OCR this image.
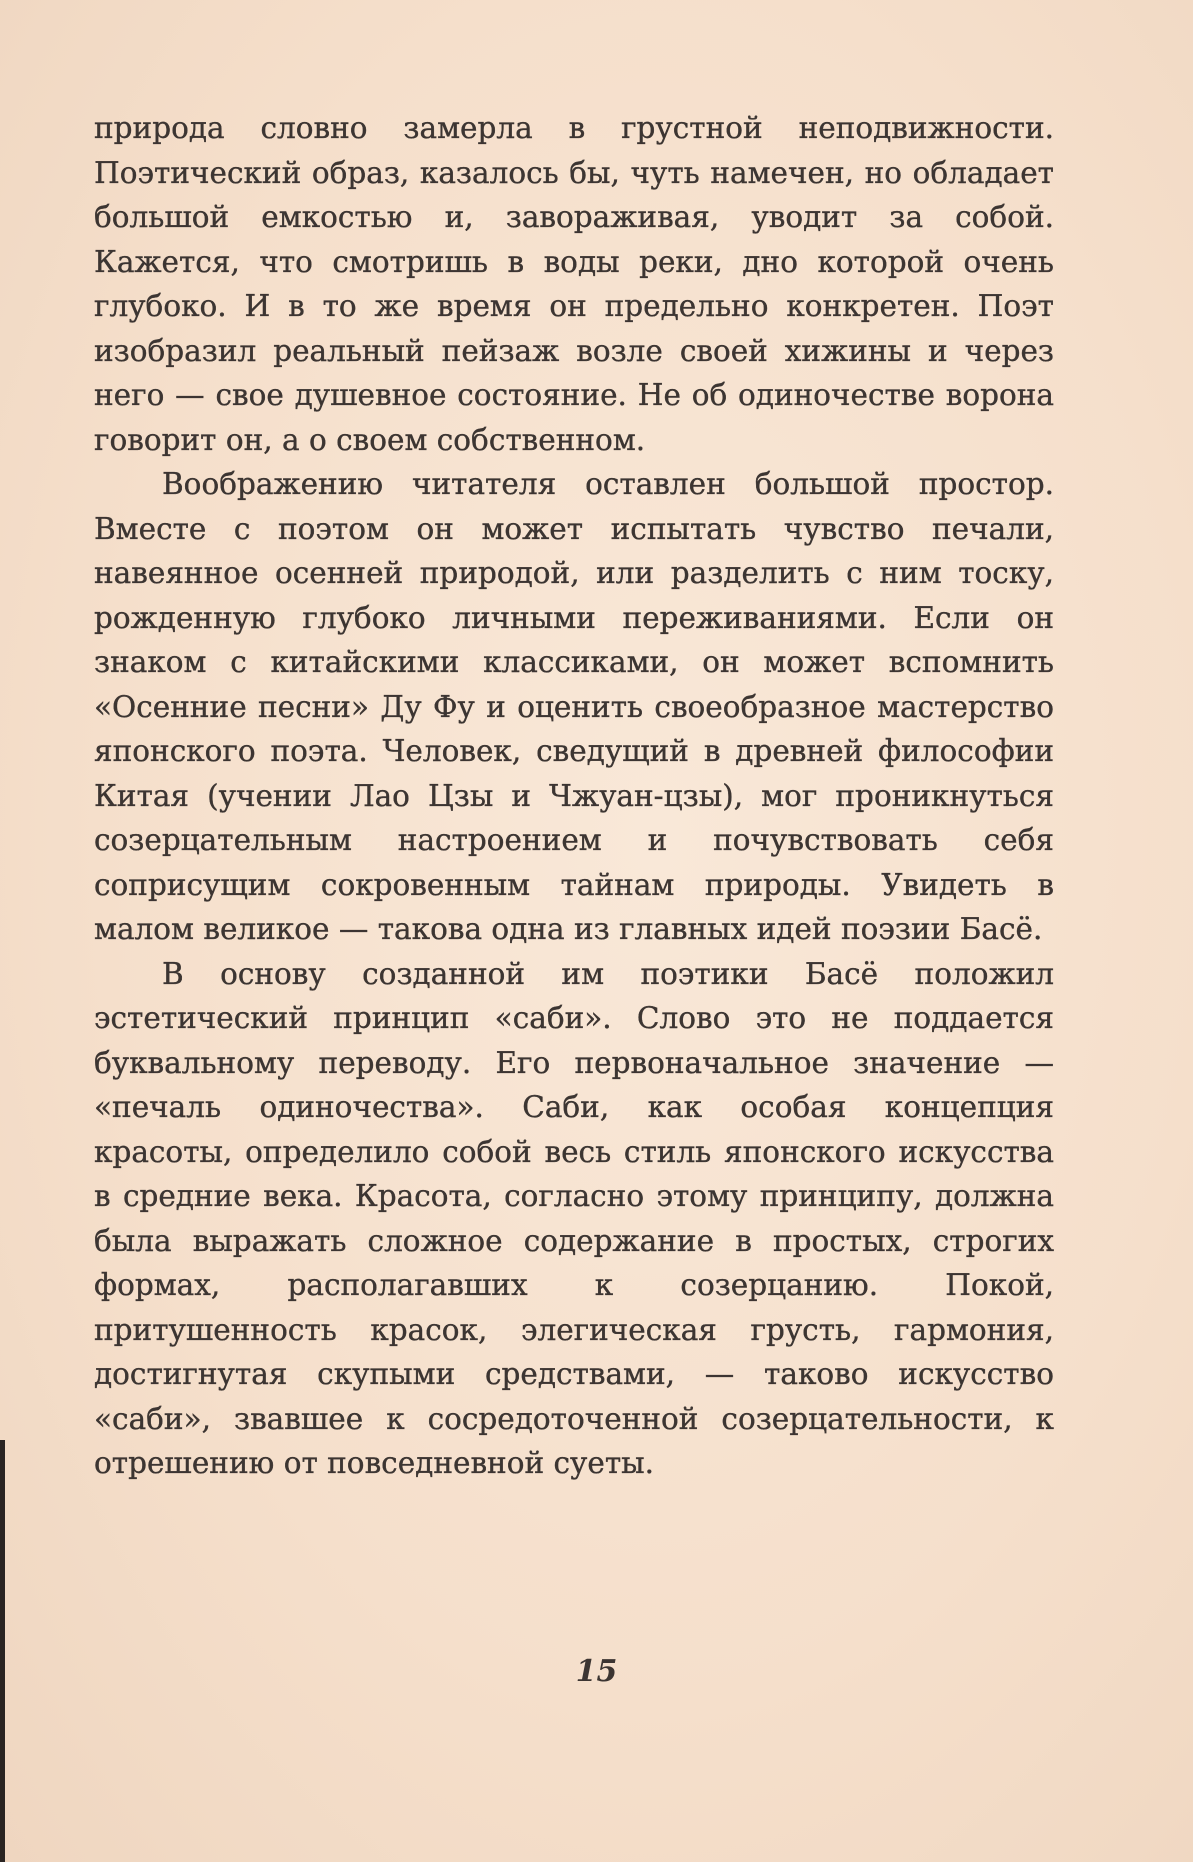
природа словно замерла в грустной неподвижности. Поэтический образ, казалось бы, чуть намечен, но обладает большой емкостью и, завораживая, уводит за собой. Кажется, что смотришь в воды реки, дно которой очень глубоко. И в то же время он предельно конкретен. Поэт изобразил реальный пейзаж возле своей хижины и через него — свое душевное состояние. Не об одиночестве ворона говорит он, а о своем собственном.

Воображению читателя оставлен большой простор. Вместе с поэтом он может испытать чувство печали, навеянное осенней природой, или разделить с ним тоску, рожденную глубоко личными переживаниями. Если он знаком с китайскими классиками, он может вспомнить «Осенние песни» Ду Фу и оценить своеобразное мастерство японского поэта. Человек, сведущий в древней философии Китая (учении Лао Цзы и Чжуан-цзы), мог проникнуться созерцательным настроением и почувствовать себя соприсущим сокровенным тайнам природы. Увидеть в малом великое — такова одна из главных идей поэзии Басё.

В основу созданной им поэтики Басё положил эстетический принцип «саби». Слово это не поддается буквальному переводу. Его первоначальное значение — «печаль одиночества». Саби, как особая концепция красоты, определило собой весь стиль японского искусства в средние века. Красота, согласно этому принципу, должна была выражать сложное содержание в простых, строгих формах, располагавших к созерцанию. Покой, притушенность красок, элегическая грусть, гармония, достигнутая скупыми средствами, — таково искусство «саби», звавшее к сосредоточенной созерцательности, к отрешению от повседневной суеты.

15
